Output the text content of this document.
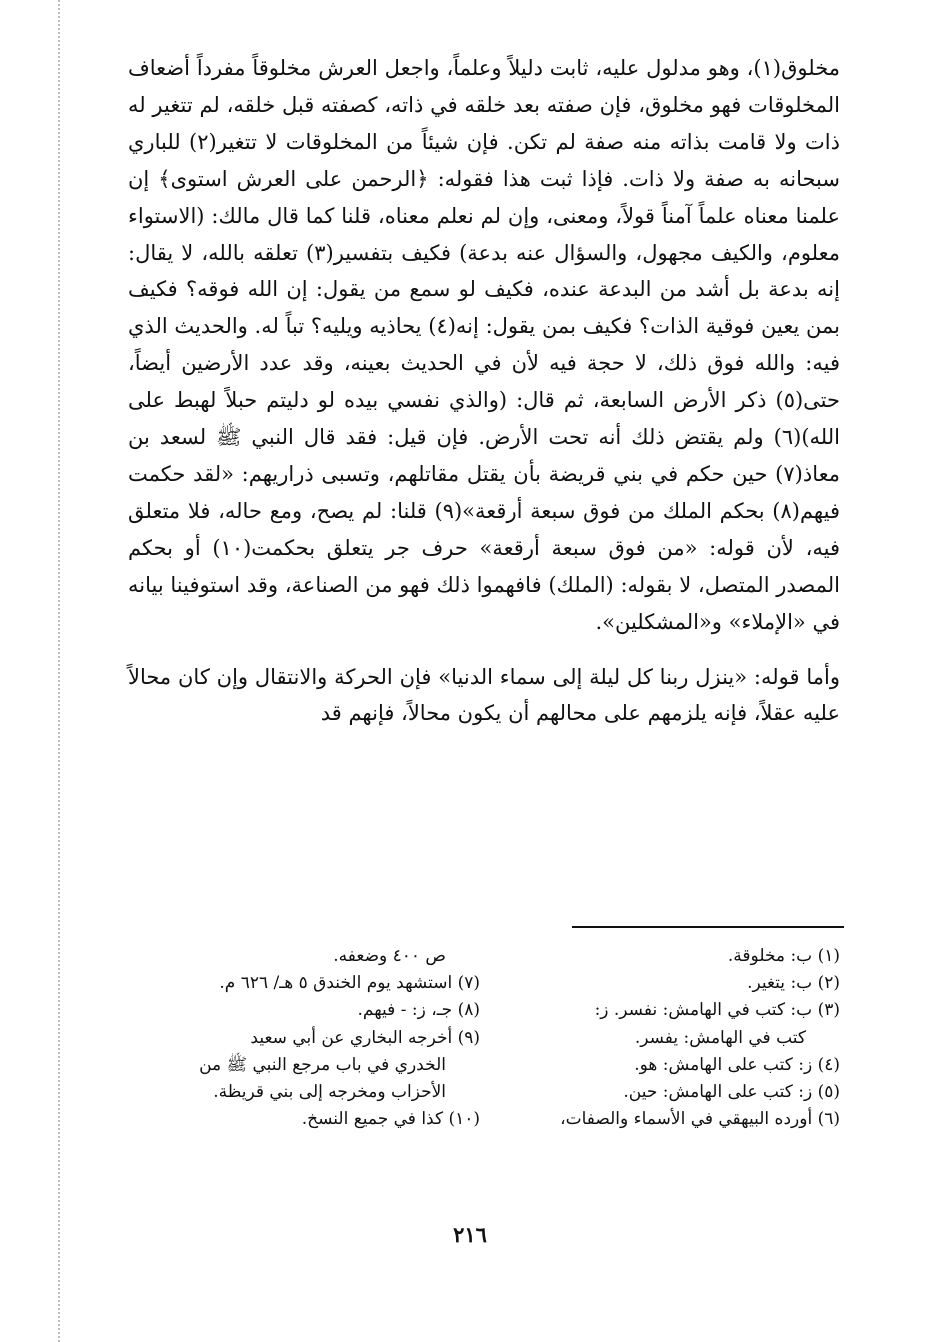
مخلوق(١)، وهو مدلول عليه، ثابت دليلاً وعلماً، واجعل العرش مخلوقاً مفرداً أضعاف المخلوقات فهو مخلوق، فإن صفته بعد خلقه في ذاته، كصفته قبل خلقه، لم تتغير له ذات ولا قامت بذاته منه صفة لم تكن. فإن شيئاً من المخلوقات لا تتغير(٢) للباري سبحانه به صفة ولا ذات. فإذا ثبت هذا فقوله: ﴿الرحمن على العرش استوى﴾ إن علمنا معناه علماً آمناً قولاً، ومعنى، وإن لم نعلم معناه، قلنا كما قال مالك: (الاستواء معلوم، والكيف مجهول، والسؤال عنه بدعة) فكيف بتفسير(٣) تعلقه بالله، لا يقال: إنه بدعة بل أشد من البدعة عنده، فكيف لو سمع من يقول: إن الله فوقه؟ فكيف بمن يعين فوقية الذات؟ فكيف بمن يقول: إنه(٤) يحاذيه ويليه؟ تباً له. والحديث الذي فيه: والله فوق ذلك، لا حجة فيه لأن في الحديث بعينه، وقد عدد الأرضين أيضاً، حتى(٥) ذكر الأرض السابعة، ثم قال: (والذي نفسي بيده لو دليتم حبلاً لهبط على الله)(٦) ولم يقتض ذلك أنه تحت الأرض. فإن قيل: فقد قال النبي ﷺ لسعد بن معاذ(٧) حين حكم في بني قريضة بأن يقتل مقاتلهم، وتسبى ذراريهم: «لقد حكمت فيهم(٨) بحكم الملك من فوق سبعة أرقعة»(٩) قلنا: لم يصح، ومع حاله، فلا متعلق فيه، لأن قوله: «من فوق سبعة أرقعة» حرف جر يتعلق بحكمت(١٠) أو بحكم المصدر المتصل، لا بقوله: (الملك) فافهموا ذلك فهو من الصناعة، وقد استوفينا بيانه في «الإملاء» و«المشكلين».

وأما قوله: «ينزل ربنا كل ليلة إلى سماء الدنيا» فإن الحركة والانتقال وإن كان محالاً عليه عقلاً، فإنه يلزمهم على محالهم أن يكون محالاً، فإنهم قد

(١) ب: مخلوقة.

(٢) ب: يتغير.

(٣) ب: كتب في الهامش: نفسر. ز:

كتب في الهامش: يفسر.

(٤) ز: كتب على الهامش: هو.

(٥) ز: كتب على الهامش: حين.

(٦) أورده البيهقي في الأسماء والصفات،

ص ٤٠٠ وضعفه.

(٧) استشهد يوم الخندق ٥ هـ/ ٦٢٦ م.

(٨) جـ، ز: - فيهم.

(٩) أخرجه البخاري عن أبي سعيد

الخدري في باب مرجع النبي ﷺ من

الأحزاب ومخرجه إلى بني قريظة.

(١٠) كذا في جميع النسخ.

٢١٦
